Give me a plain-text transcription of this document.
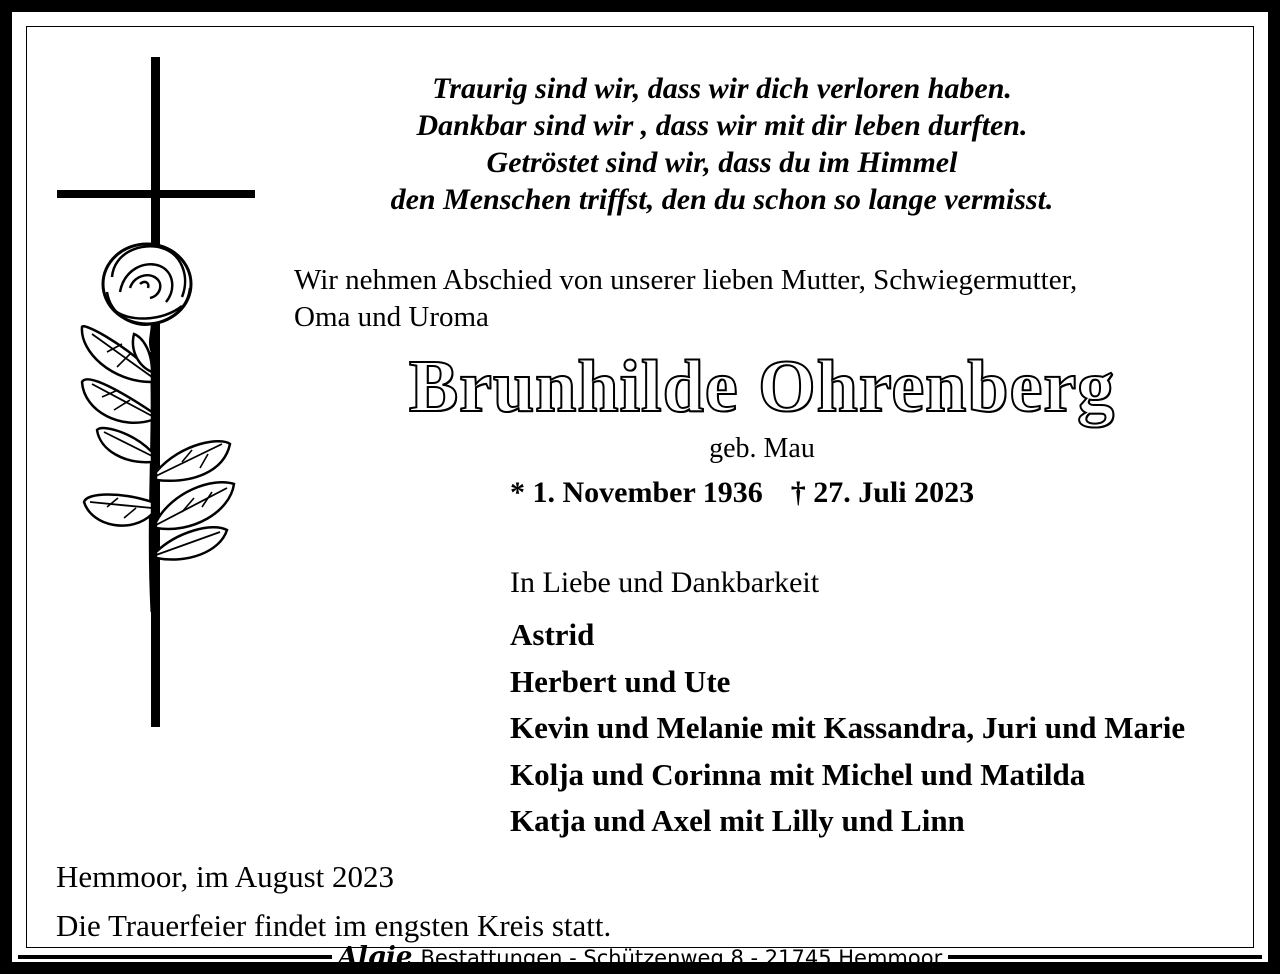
Traurig sind wir, dass wir dich verloren haben.
Dankbar sind wir , dass wir mit dir leben durften.
Getröstet sind wir, dass du im Himmel
den Menschen triffst, den du schon so lange vermisst.
Wir nehmen Abschied von unserer lieben Mutter, Schwiegermutter,
Oma und Uroma
Brunhilde Ohrenberg
geb. Mau
* 1. November 1936 † 27. Juli 2023
In Liebe und Dankbarkeit
Astrid
Herbert und Ute
Kevin und Melanie mit Kassandra, Juri und Marie
Kolja und Corinna mit Michel und Matilda
Katja und Axel mit Lilly und Linn
Hemmoor, im August 2023
Die Trauerfeier findet im engsten Kreis statt.
Algie Bestattungen - Schützenweg 8 - 21745 Hemmoor
